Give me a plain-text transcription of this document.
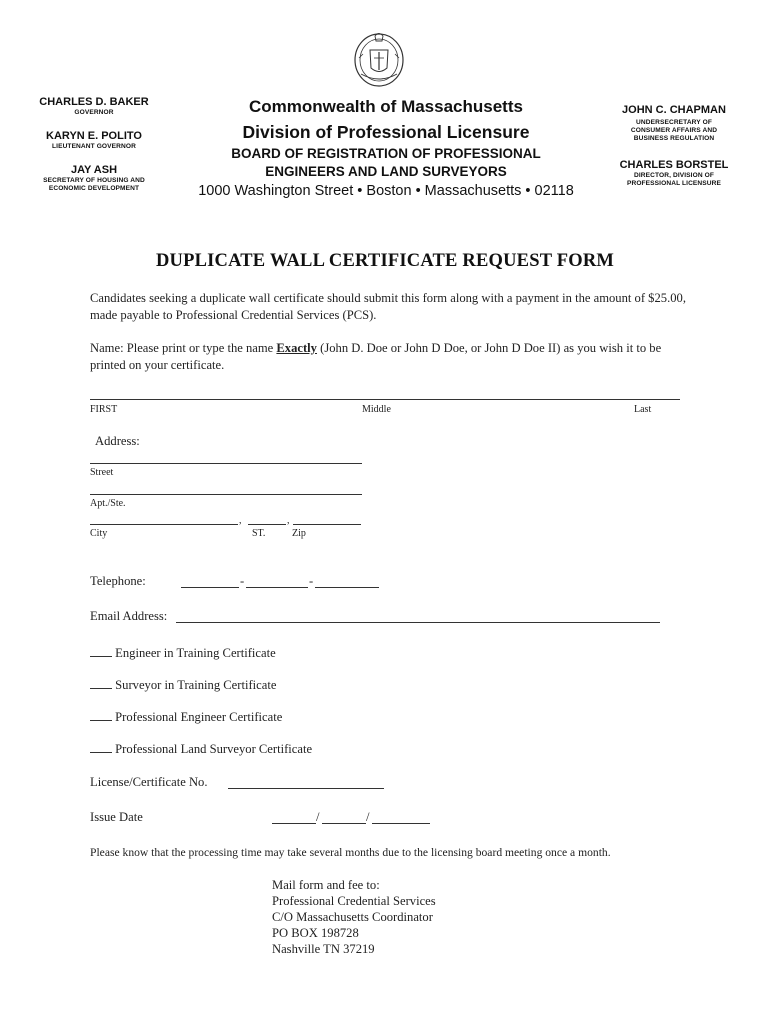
CHARLES D. BAKER
GOVERNOR
KARYN E. POLITO
LIEUTENANT GOVERNOR
JAY ASH
SECRETARY OF HOUSING AND ECONOMIC DEVELOPMENT
Commonwealth of Massachusetts
Division of Professional Licensure
BOARD OF REGISTRATION OF PROFESSIONAL
ENGINEERS AND LAND SURVEYORS
1000 Washington Street • Boston • Massachusetts • 02118
JOHN C. CHAPMAN
UNDERSECRETARY OF CONSUMER AFFAIRS AND BUSINESS REGULATION
CHARLES BORSTEL
DIRECTOR, DIVISION OF PROFESSIONAL LICENSURE
DUPLICATE WALL CERTIFICATE REQUEST FORM
Candidates seeking a duplicate wall certificate should submit this form along with a payment in the amount of $25.00, made payable to Professional Credential Services (PCS).
Name: Please print or type the name Exactly (John D. Doe or John D Doe, or John D Doe II) as you wish it to be printed on your certificate.
FIRST	Middle	Last
Address:
Street
Apt./Ste.
,	,
City	ST.	Zip
Telephone:	-	-
Email Address:
Engineer in Training Certificate
Surveyor in Training Certificate
Professional Engineer Certificate
Professional Land Surveyor Certificate
License/Certificate No.
Issue Date	/	/
Please know that the processing time may take several months due to the licensing board meeting once a month.
Mail form and fee to:
Professional Credential Services
C/O Massachusetts Coordinator
PO BOX 198728
Nashville TN 37219
